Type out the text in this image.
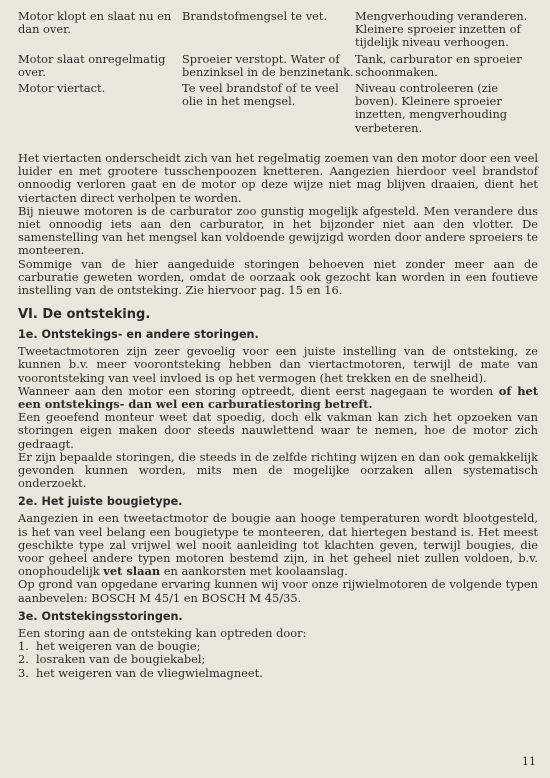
Motor klopt en slaat nu en dan over.
Brandstofmengsel te vet.	Mengverhouding veranderen. Kleinere sproeier inzetten of tijdelijk niveau verhoogen.
Motor slaat onregelmatig over.
Sproeier verstopt. Water of benzinksel in de benzinetank.
Tank, carburator en sproeier schoonmaken.
Motor viertact.	Te veel brandstof of te veel olie in het mengsel.
Niveau controleeren (zie boven). Kleinere sproeier inzetten, mengverhouding verbeteren.

Het viertacten onderscheidt zich van het regelmatig zoemen van den motor door een veel luider en met grootere tusschenpoozen knetteren. Aangezien hierdoor veel brandstof onnoodig verloren gaat en de motor op deze wijze niet mag blijven draaien, dient het viertacten direct verholpen te worden.

Bij nieuwe motoren is de carburator zoo gunstig mogelijk afgesteld. Men verandere dus niet onnoodig iets aan den carburator, in het bijzonder niet aan den vlotter. De samenstelling van het mengsel kan voldoende gewijzigd worden door andere sproeiers te monteeren.

Sommige van de hier aangeduide storingen behoeven niet zonder meer aan de carburatie geweten worden, omdat de oorzaak ook gezocht kan worden in een foutieve instelling van de ontsteking. Zie hiervoor pag. 15 en 16.

VI. De ontsteking.
1e. Ontstekings- en andere storingen.

Tweetactmotoren zijn zeer gevoelig voor een juiste instelling van de ontsteking, ze kunnen b.v. meer voorontsteking hebben dan viertactmotoren, terwijl de mate van voorontsteking van veel invloed is op het vermogen (het trekken en de snelheid).

Wanneer aan den motor een storing optreedt, dient eerst nagegaan te worden of het een ontstekings- dan wel een carburatiestoring betreft.

Een geoefend monteur weet dat spoedig, doch elk vakman kan zich het opzoeken van storingen eigen maken door steeds nauwlettend waar te nemen, hoe de motor zich gedraagt.

Er zijn bepaalde storingen, die steeds in de zelfde richting wijzen en dan ook gemakkelijk gevonden kunnen worden, mits men de mogelijke oorzaken allen systematisch onderzoekt.

2e. Het juiste bougietype.

Aangezien in een tweetactmotor de bougie aan hooge temperaturen wordt blootgesteld, is het van veel belang een bougietype te monteeren, dat hiertegen bestand is. Het meest geschikte type zal vrijwel wel nooit aanleiding tot klachten geven, terwijl bougies, die voor geheel andere typen motoren bestemd zijn, in het geheel niet zullen voldoen, b.v. onophoudelijk vet slaan en aankorsten met koolaanslag.

Op grond van opgedane ervaring kunnen wij voor onze rijwielmotoren de volgende typen aanbevelen: BOSCH M 45/1 en BOSCH M 45/35.

3e. Ontstekingsstoringen.

Een storing aan de ontsteking kan optreden door:

1. het weigeren van de bougie;
2. losraken van de bougiekabel;
3. het weigeren van de vliegwielmagneet.
11
